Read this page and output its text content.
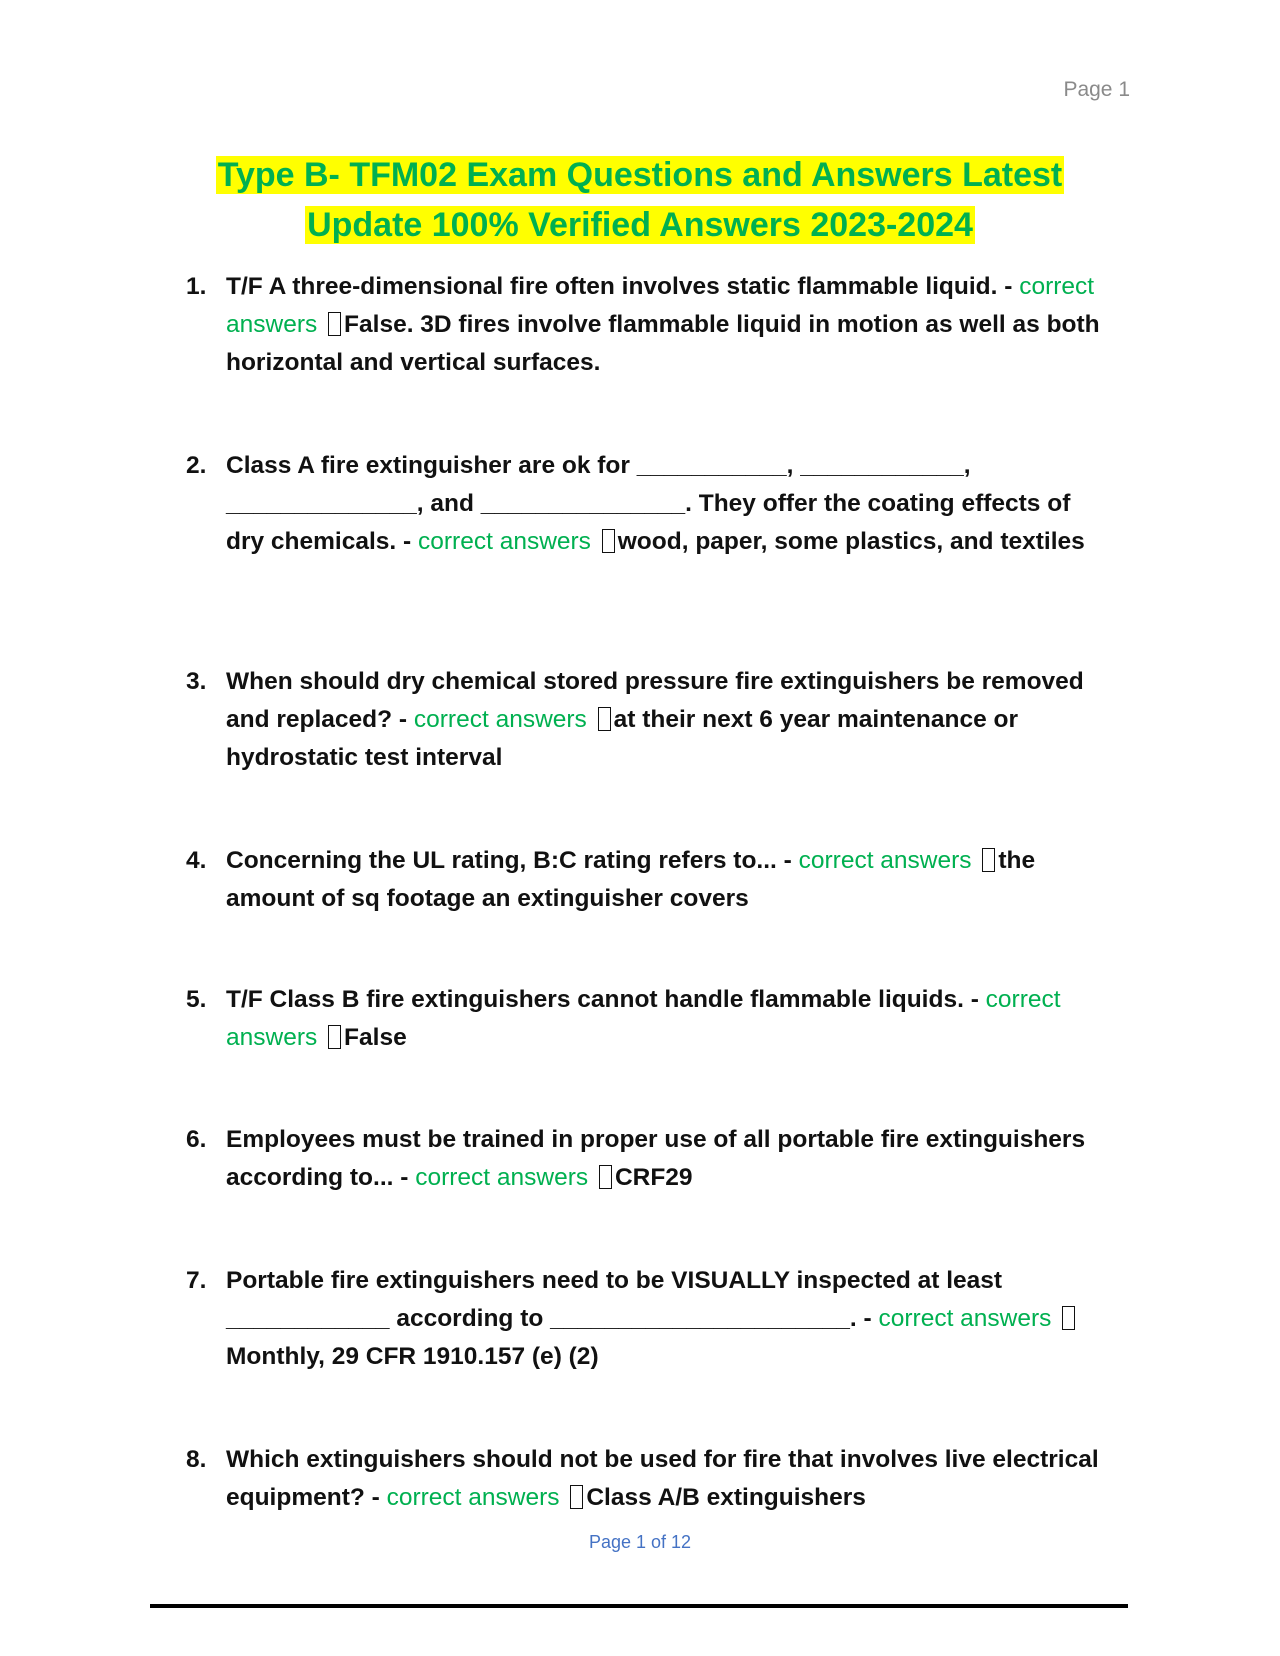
Page 1
Type B- TFM02 Exam Questions and Answers Latest
Update 100% Verified Answers 2023-2024
1. T/F A three-dimensional fire often involves static flammable liquid. - correct answers False. 3D fires involve flammable liquid in motion as well as both horizontal and vertical surfaces.
2. Class A fire extinguisher are ok for ___________, ____________, ______________, and _______________. They offer the coating effects of dry chemicals. - correct answers wood, paper, some plastics, and textiles
3. When should dry chemical stored pressure fire extinguishers be removed and replaced? - correct answers at their next 6 year maintenance or hydrostatic test interval
4. Concerning the UL rating, B:C rating refers to... - correct answers the amount of sq footage an extinguisher covers
5. T/F Class B fire extinguishers cannot handle flammable liquids. - correct answers False
6. Employees must be trained in proper use of all portable fire extinguishers according to... - correct answers CRF29
7. Portable fire extinguishers need to be VISUALLY inspected at least ____________ according to ______________________. - correct answers Monthly, 29 CFR 1910.157 (e) (2)
8. Which extinguishers should not be used for fire that involves live electrical equipment? - correct answers Class A/B extinguishers
Page 1 of 12
